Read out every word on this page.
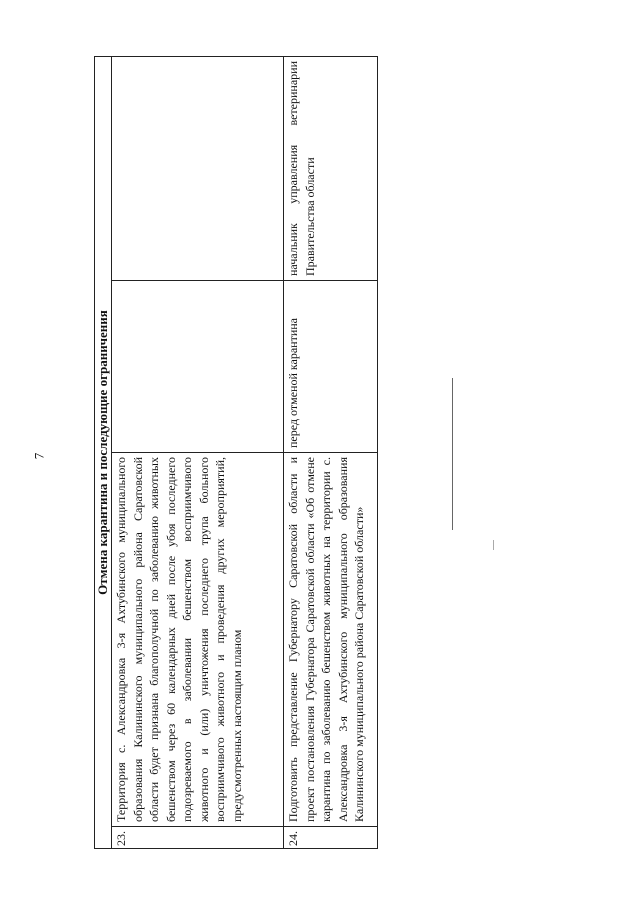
7	Отмена карантина и последующие ограничения			
23.	Территория с. Александровка 3-я Ахтубинского муниципального образования Калининского муниципального района Саратовской области будет признана благополучной по заболеванию животных бешенством через 60 календарных дней после убоя последнего подозреваемого в заболевании бешенством восприимчивого животного и (или) уничтожения последнего трупа больного восприимчивого животного и проведения других мероприятий, предусмотренных настоящим планом		
24.	Подготовить представление Губернатору Саратовской области и проект постановления Губернатора Саратовской области «Об отмене карантина по заболеванию бешенством животных на территории с. Александровка 3-я Ахтубинского муниципального образования Калининского муниципального района Саратовской области»	перед отменой карантина	начальник управления ветеринарии Правительства области
